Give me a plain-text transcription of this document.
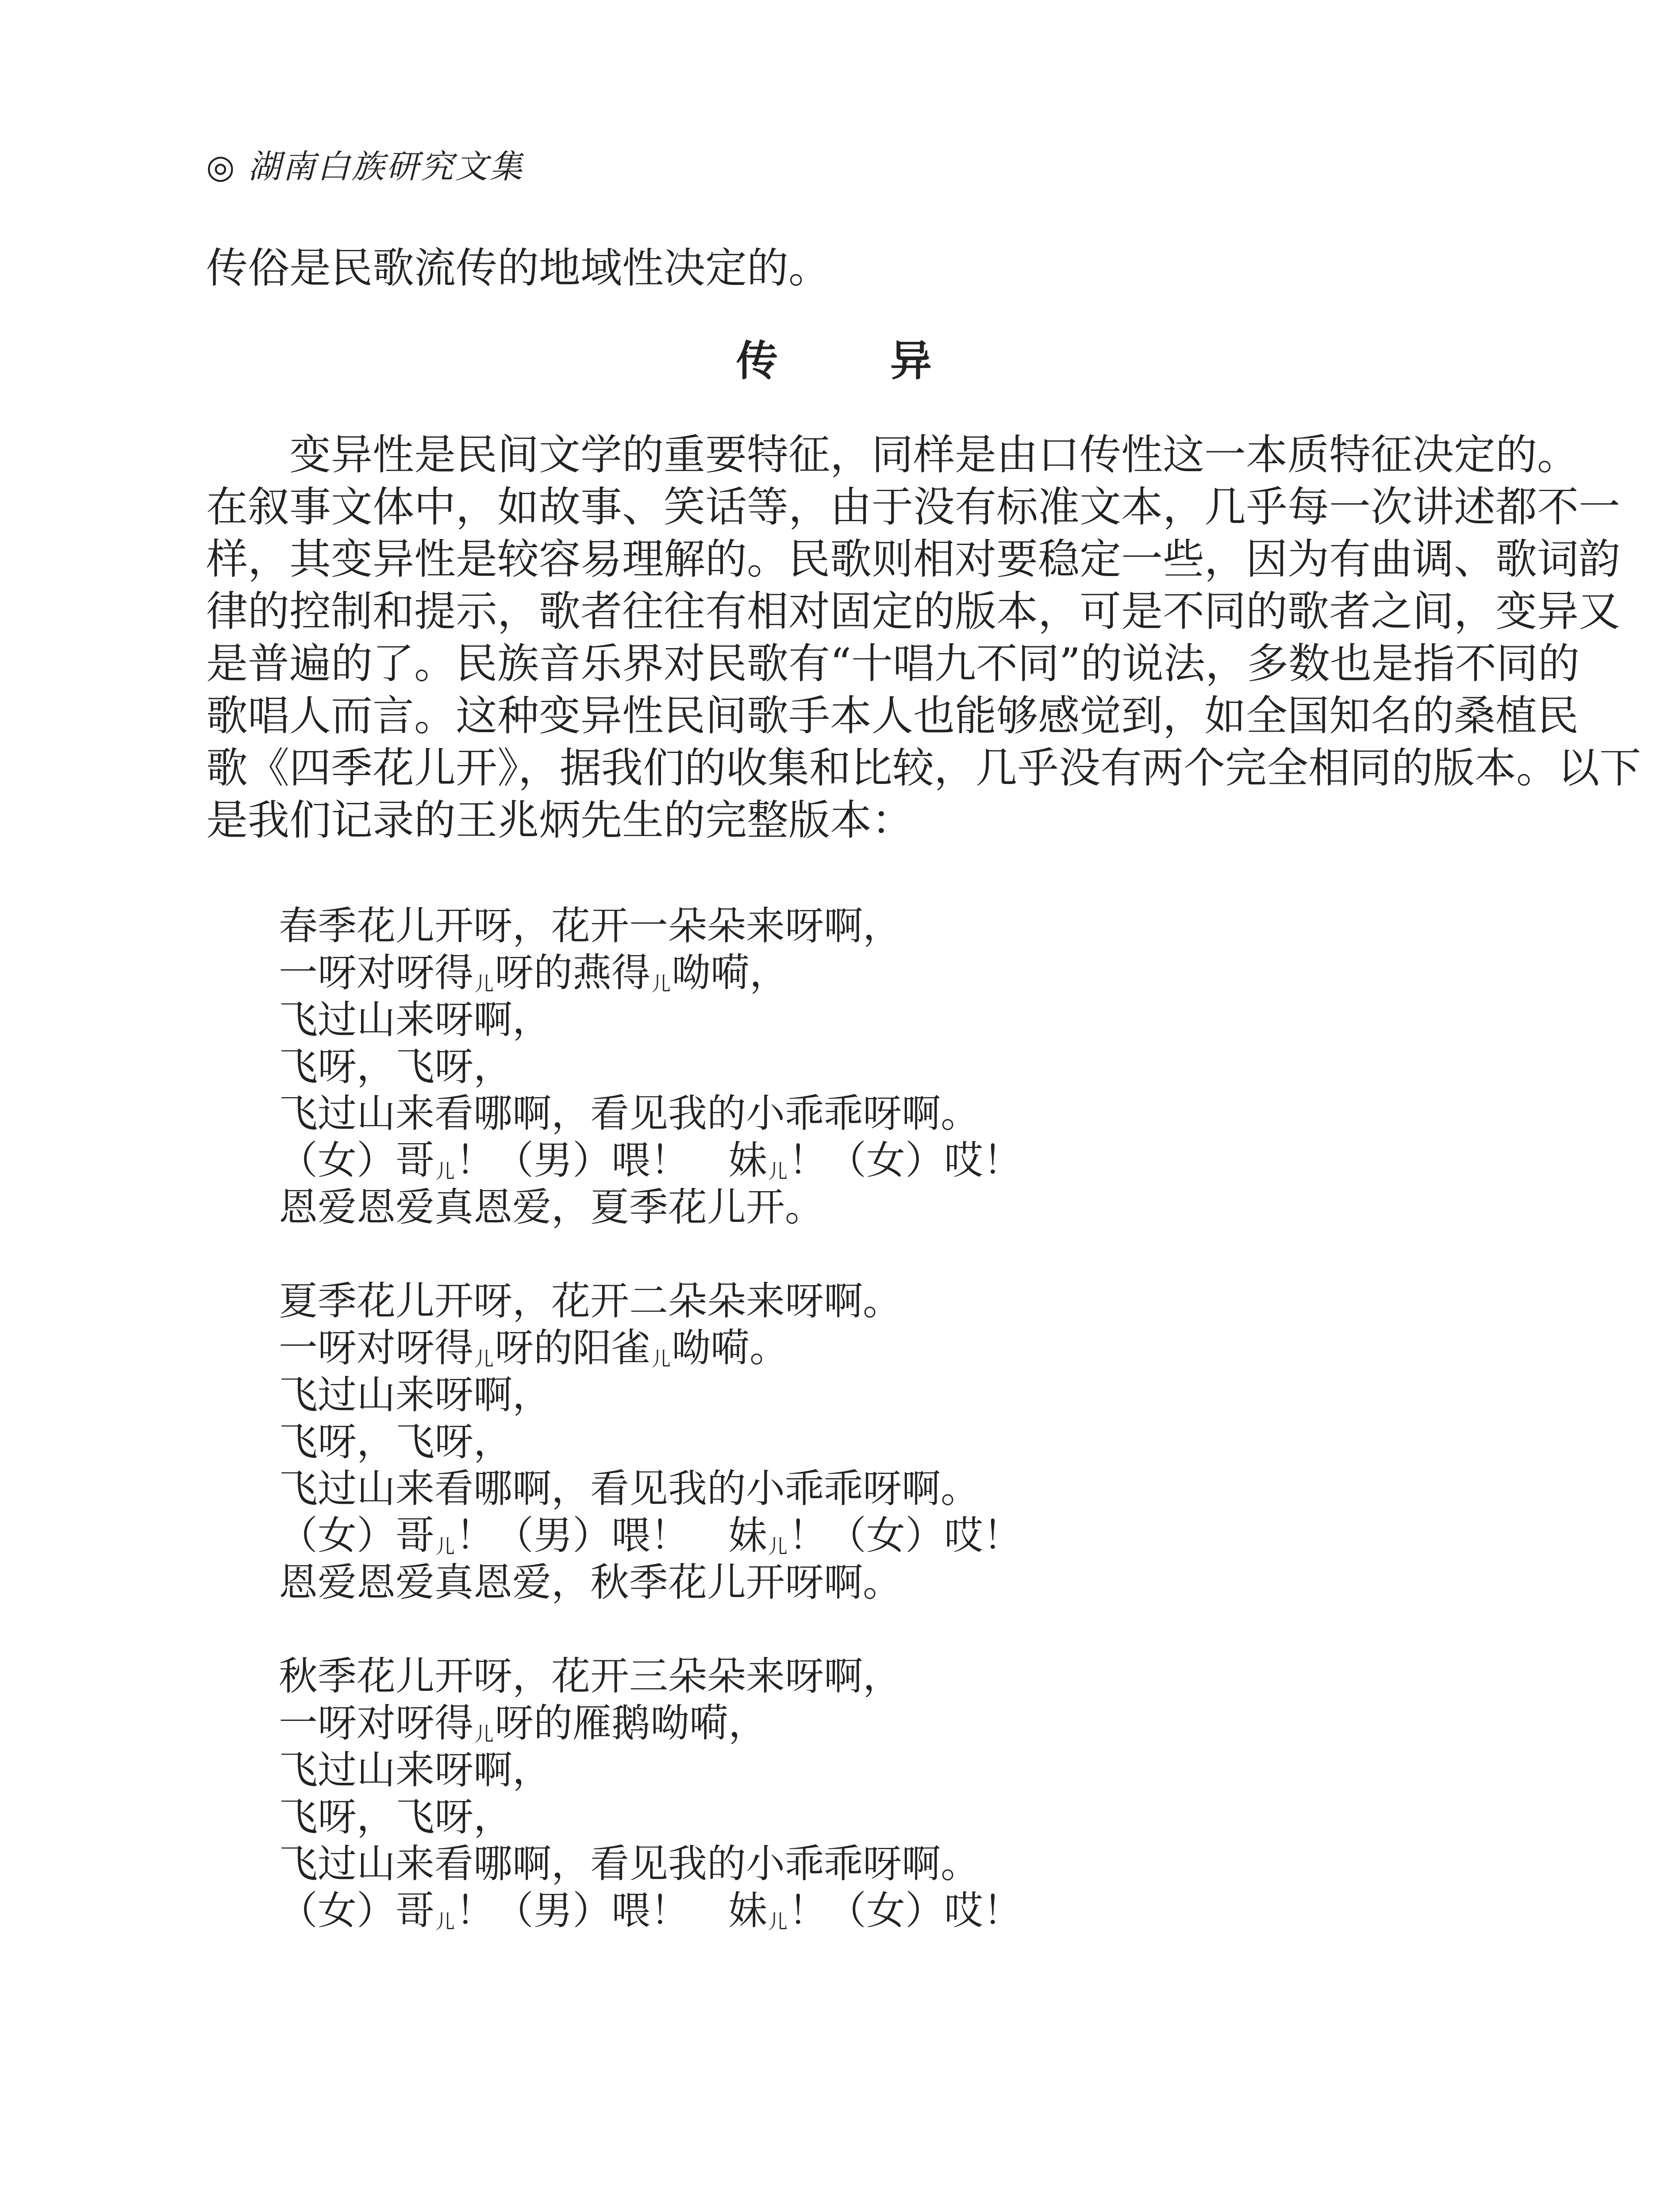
◎ 湖南白族研究文集
传俗是民歌流传的地域性决定的。
传　异
变异性是民间文学的重要特征，同样是由口传性这一本质特征决定的。
在叙事文体中，如故事、笑话等，由于没有标准文本，几乎每一次讲述都不一
样，其变异性是较容易理解的。民歌则相对要稳定一些，因为有曲调、歌词韵
律的控制和提示，歌者往往有相对固定的版本，可是不同的歌者之间，变异又
是普遍的了。民族音乐界对民歌有“十唱九不同”的说法，多数也是指不同的
歌唱人而言。这种变异性民间歌手本人也能够感觉到，如全国知名的桑植民
歌《四季花儿开》，据我们的收集和比较，几乎没有两个完全相同的版本。以下
是我们记录的王兆炳先生的完整版本：
春季花儿开呀，花开一朵朵来呀啊，
一呀对呀得$_儿$呀的燕得$_儿$呦嗬，
飞过山来呀啊，
飞呀，飞呀，
飞过山来看哪啊，看见我的小乖乖呀啊。
（女）哥$_儿$！（男）喂！　妹$_儿$！（女）哎！
恩爱恩爱真恩爱，夏季花儿开。
夏季花儿开呀，花开二朵朵来呀啊。
一呀对呀得$_儿$呀的阳雀$_儿$呦嗬。
飞过山来呀啊，
飞呀，飞呀，
飞过山来看哪啊，看见我的小乖乖呀啊。
（女）哥$_儿$！（男）喂！　妹$_儿$！（女）哎！
恩爱恩爱真恩爱，秋季花儿开呀啊。
秋季花儿开呀，花开三朵朵来呀啊，
一呀对呀得$_儿$呀的雁鹅呦嗬，
飞过山来呀啊，
飞呀，飞呀，
飞过山来看哪啊，看见我的小乖乖呀啊。
（女）哥$_儿$！（男）喂！　妹$_儿$！（女）哎！
